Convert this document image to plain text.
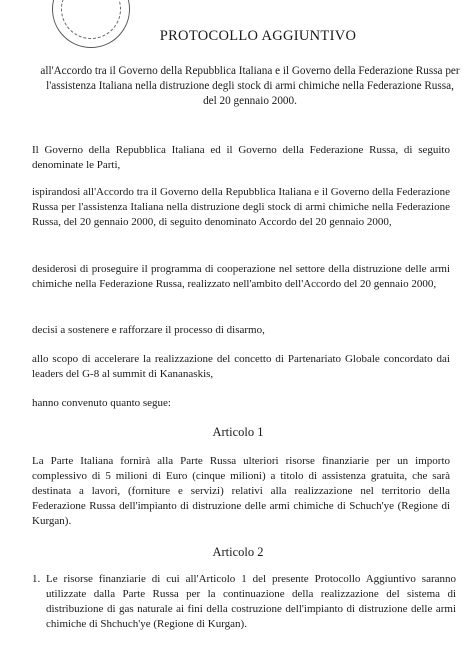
PROTOCOLLO AGGIUNTIVO
all'Accordo tra il Governo della Repubblica Italiana e il Governo della Federazione Russa per l'assistenza Italiana nella distruzione degli stock di armi chimiche nella Federazione Russa, del 20 gennaio 2000.
Il Governo della Repubblica Italiana ed il Governo della Federazione Russa, di seguito denominate le Parti,
ispirandosi all'Accordo tra il Governo della Repubblica Italiana e il Governo della Federazione Russa per l'assistenza Italiana nella distruzione degli stock di armi chimiche nella Federazione Russa, del 20 gennaio 2000, di seguito denominato Accordo del 20 gennaio 2000,
desiderosi di proseguire il programma di cooperazione nel settore della distruzione delle armi chimiche nella Federazione Russa, realizzato nell'ambito dell'Accordo del 20 gennaio 2000,
decisi a sostenere e rafforzare il processo di disarmo,
allo scopo di accelerare la realizzazione del concetto di Partenariato Globale concordato dai leaders del G-8 al summit di Kananaskis,
hanno convenuto quanto segue:
Articolo 1
La Parte Italiana fornirà alla Parte Russa ulteriori risorse finanziarie per un importo complessivo di 5 milioni di Euro (cinque milioni) a titolo di assistenza gratuita, che sarà destinata a lavori, (forniture e servizi) relativi alla realizzazione nel territorio della Federazione Russa dell'impianto di distruzione delle armi chimiche di Schuch'ye (Regione di Kurgan).
Articolo 2
1. Le risorse finanziarie di cui all'Articolo 1 del presente Protocollo Aggiuntivo saranno utilizzate dalla Parte Russa per la continuazione della realizzazione del sistema di distribuzione di gas naturale ai fini della costruzione dell'impianto di distruzione delle armi chimiche di Shchuch'ye (Regione di Kurgan).
